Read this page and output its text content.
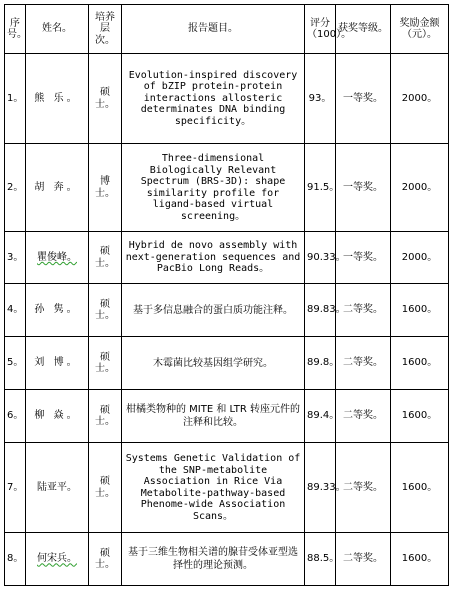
序号。	姓名。	培养层次。	报告题目。	评分（100）。	获奖等级。	奖励金额（元）。
1。	熊 乐。	硕士。	Evolution-inspired discovery of bZIP protein-protein interactions allosteric determinates DNA binding specificity。	93。	一等奖。	2000。
2。	胡 奔。	博士。	Three-dimensional Biologically Relevant Spectrum (BRS-3D): shape similarity profile for ligand-based virtual screening。	91.5。	一等奖。	2000。
3。	瞿俊峰。	硕士。	Hybrid de novo assembly with next-generation sequences and PacBio Long Reads。	90.33。	一等奖。	2000。
4。	孙 隽。	硕士。	基于多信息融合的蛋白质功能注释。	89.83。	二等奖。	1600。
5。	刘 博。	硕士。	木霉菌比较基因组学研究。	89.8。	二等奖。	1600。
6。	柳 焱。	硕士。	柑橘类物种的 MITE 和 LTR 转座元件的注释和比较。	89.4。	二等奖。	1600。
7。	陆亚平。	硕士。	Systems Genetic Validation of the SNP-metabolite Association in Rice Via Metabolite-pathway-based Phenome-wide Association Scans。	89.33。	二等奖。	1600。
8。	何宋兵。	硕士。	基于三维生物相关谱的腺苷受体亚型选择性的理论预测。	88.5。	二等奖。	1600。
